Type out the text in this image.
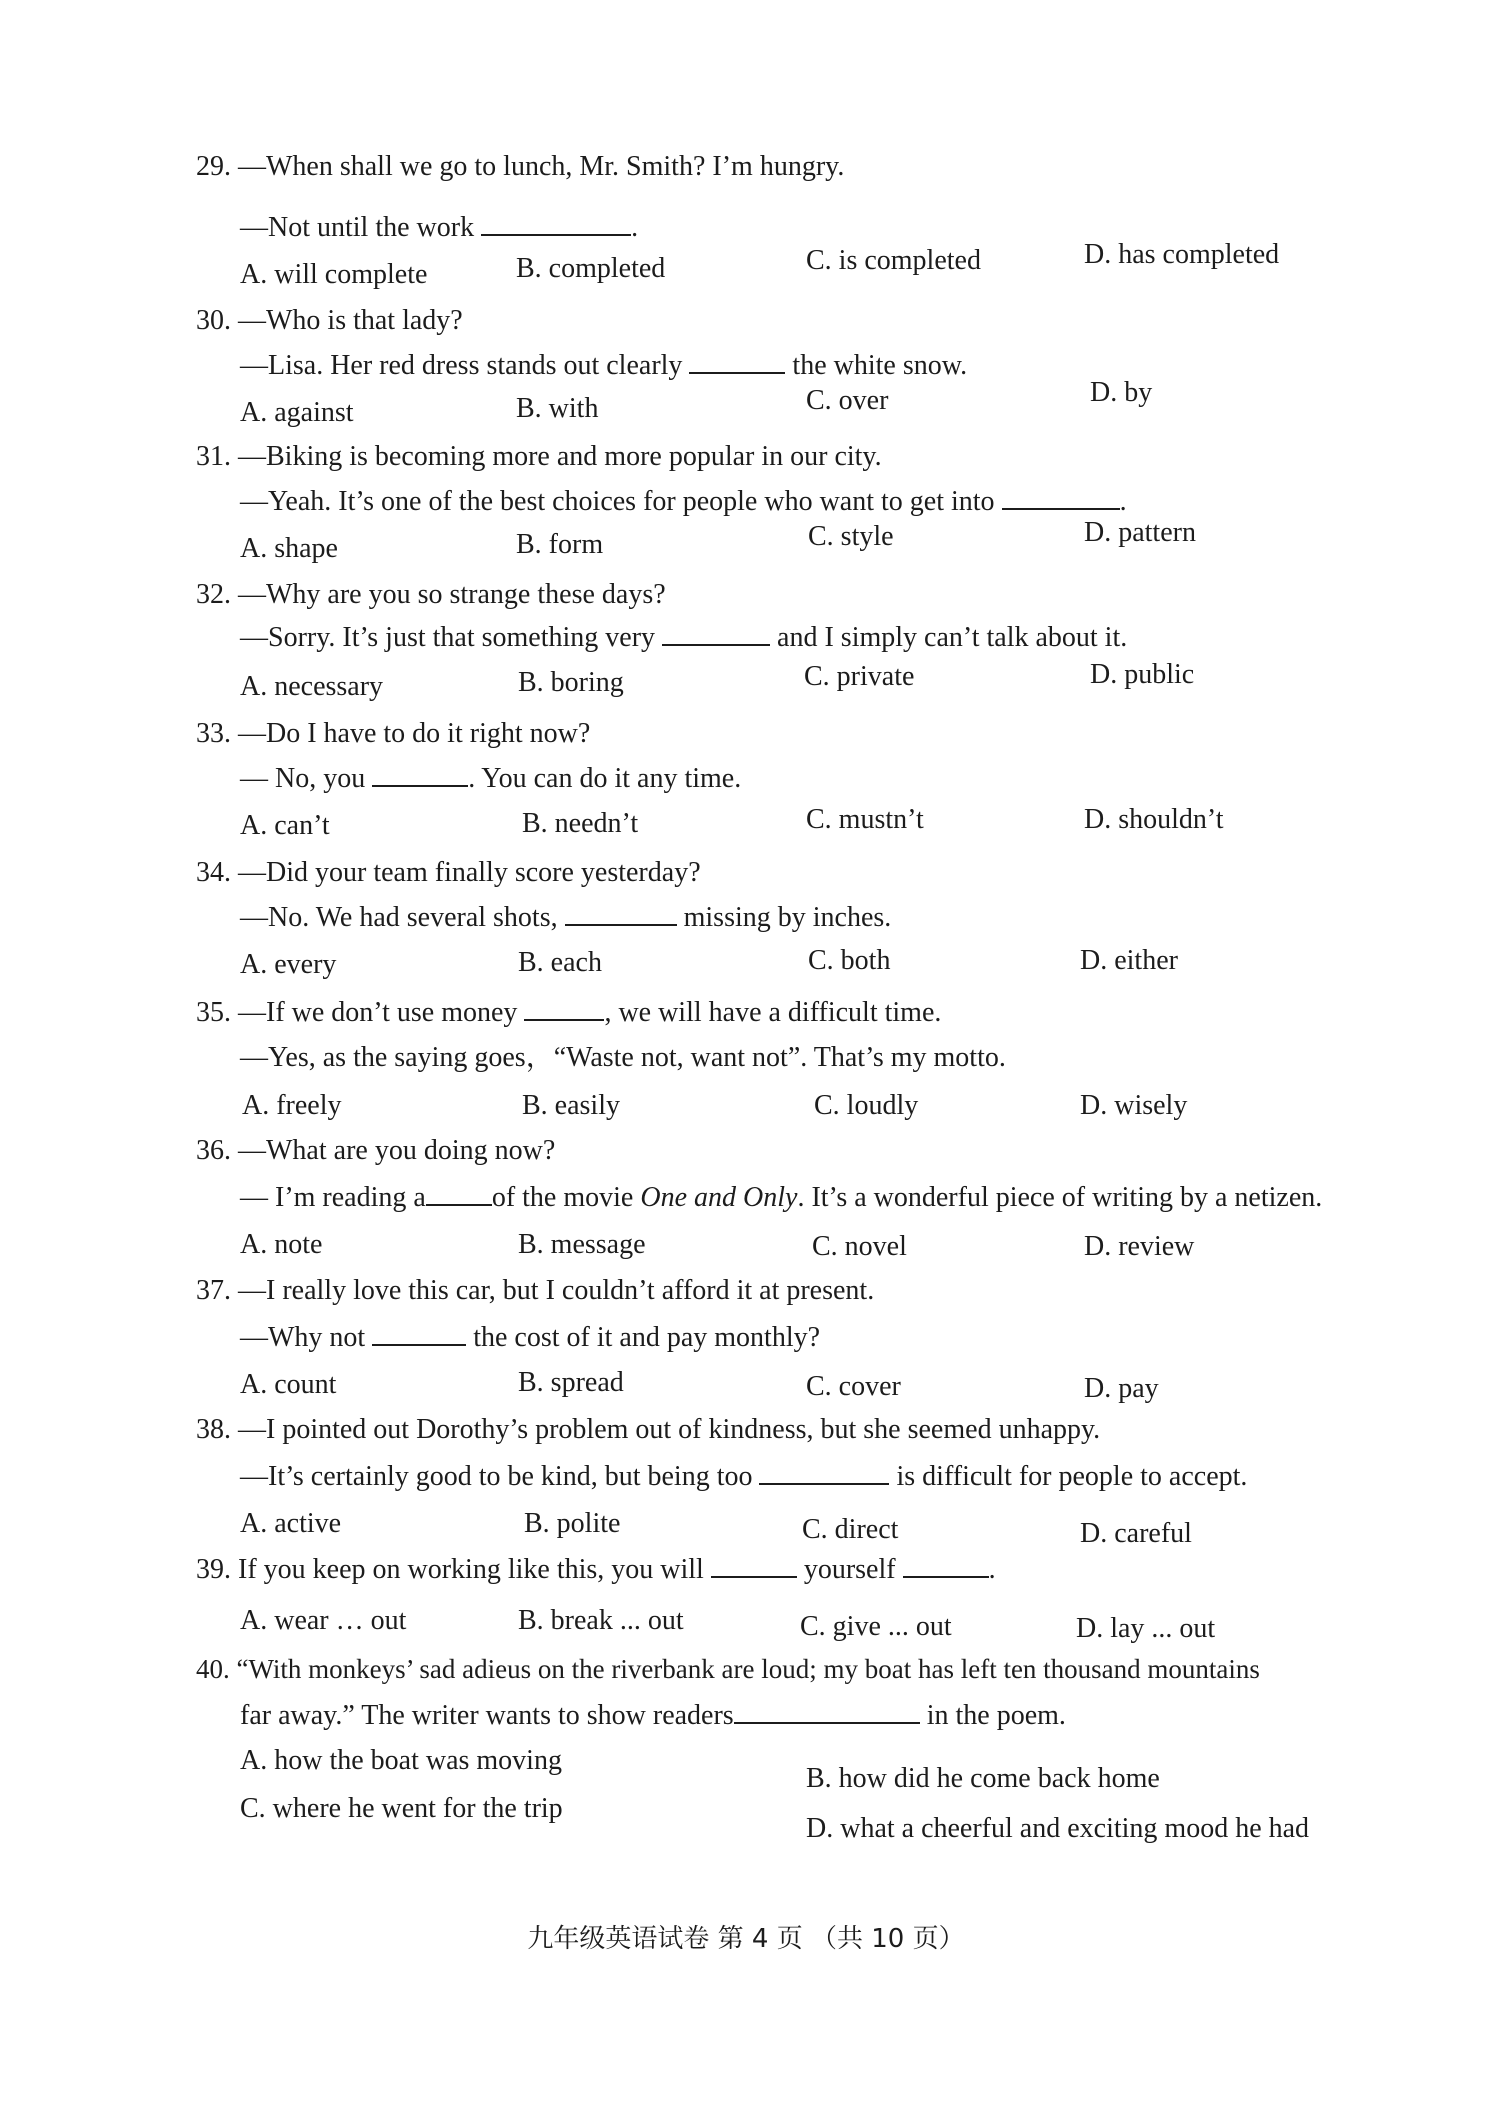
29. —When shall we go to lunch, Mr. Smith? I’m hungry.
—Not until the work	.
A. will complete	B. completed	C. is completed	D. has completed
30. —Who is that lady?
—Lisa. Her red dress stands out clearly	the white snow.
A. against	B. with	C. over	D. by
31. —Biking is becoming more and more popular in our city.
—Yeah. It’s one of the best choices for people who want to get into	.
A. shape	B. form	C. style	D. pattern
32. —Why are you so strange these days?
—Sorry. It’s just that something very	and I simply can’t talk about it.
A. necessary	B. boring	C. private	D. public
33. —Do I have to do it right now?
— No, you	. You can do it any time.
A. can’t	B. needn’t	C. mustn’t	D. shouldn’t
34. —Did your team finally score yesterday?
—No. We had several shots,	missing by inches.
A. every	B. each	C. both	D. either
35. —If we don’t use money	, we will have a difficult time.
—Yes, as the saying goes，“Waste not, want not”. That’s my motto.
A. freely	B. easily	C. loudly	D. wisely
36. —What are you doing now?
— I’m reading a of the movie One and Only. It’s a wonderful piece of writing by a netizen.
A. note	B. message	C. novel	D. review
37. —I really love this car, but I couldn’t afford it at present.
—Why not	the cost of it and pay monthly?
A. count	B. spread	C. cover	D. pay
38. —I pointed out Dorothy’s problem out of kindness, but she seemed unhappy.
—It’s certainly good to be kind, but being too	is difficult for people to accept.
A. active	B. polite	C. direct	D. careful
39. If you keep on working like this, you will	yourself	.
A. wear … out	B. break ... out	C. give ... out	D. lay ... out
40. “With monkeys’ sad adieus on the riverbank are loud; my boat has left ten thousand mountains
far away.” The writer wants to show readers	in the poem.
A. how the boat was moving
B. how did he come back home
C. where he went for the trip
D. what a cheerful and exciting mood he had
九年级英语试卷 第 4 页 （共 10 页）
